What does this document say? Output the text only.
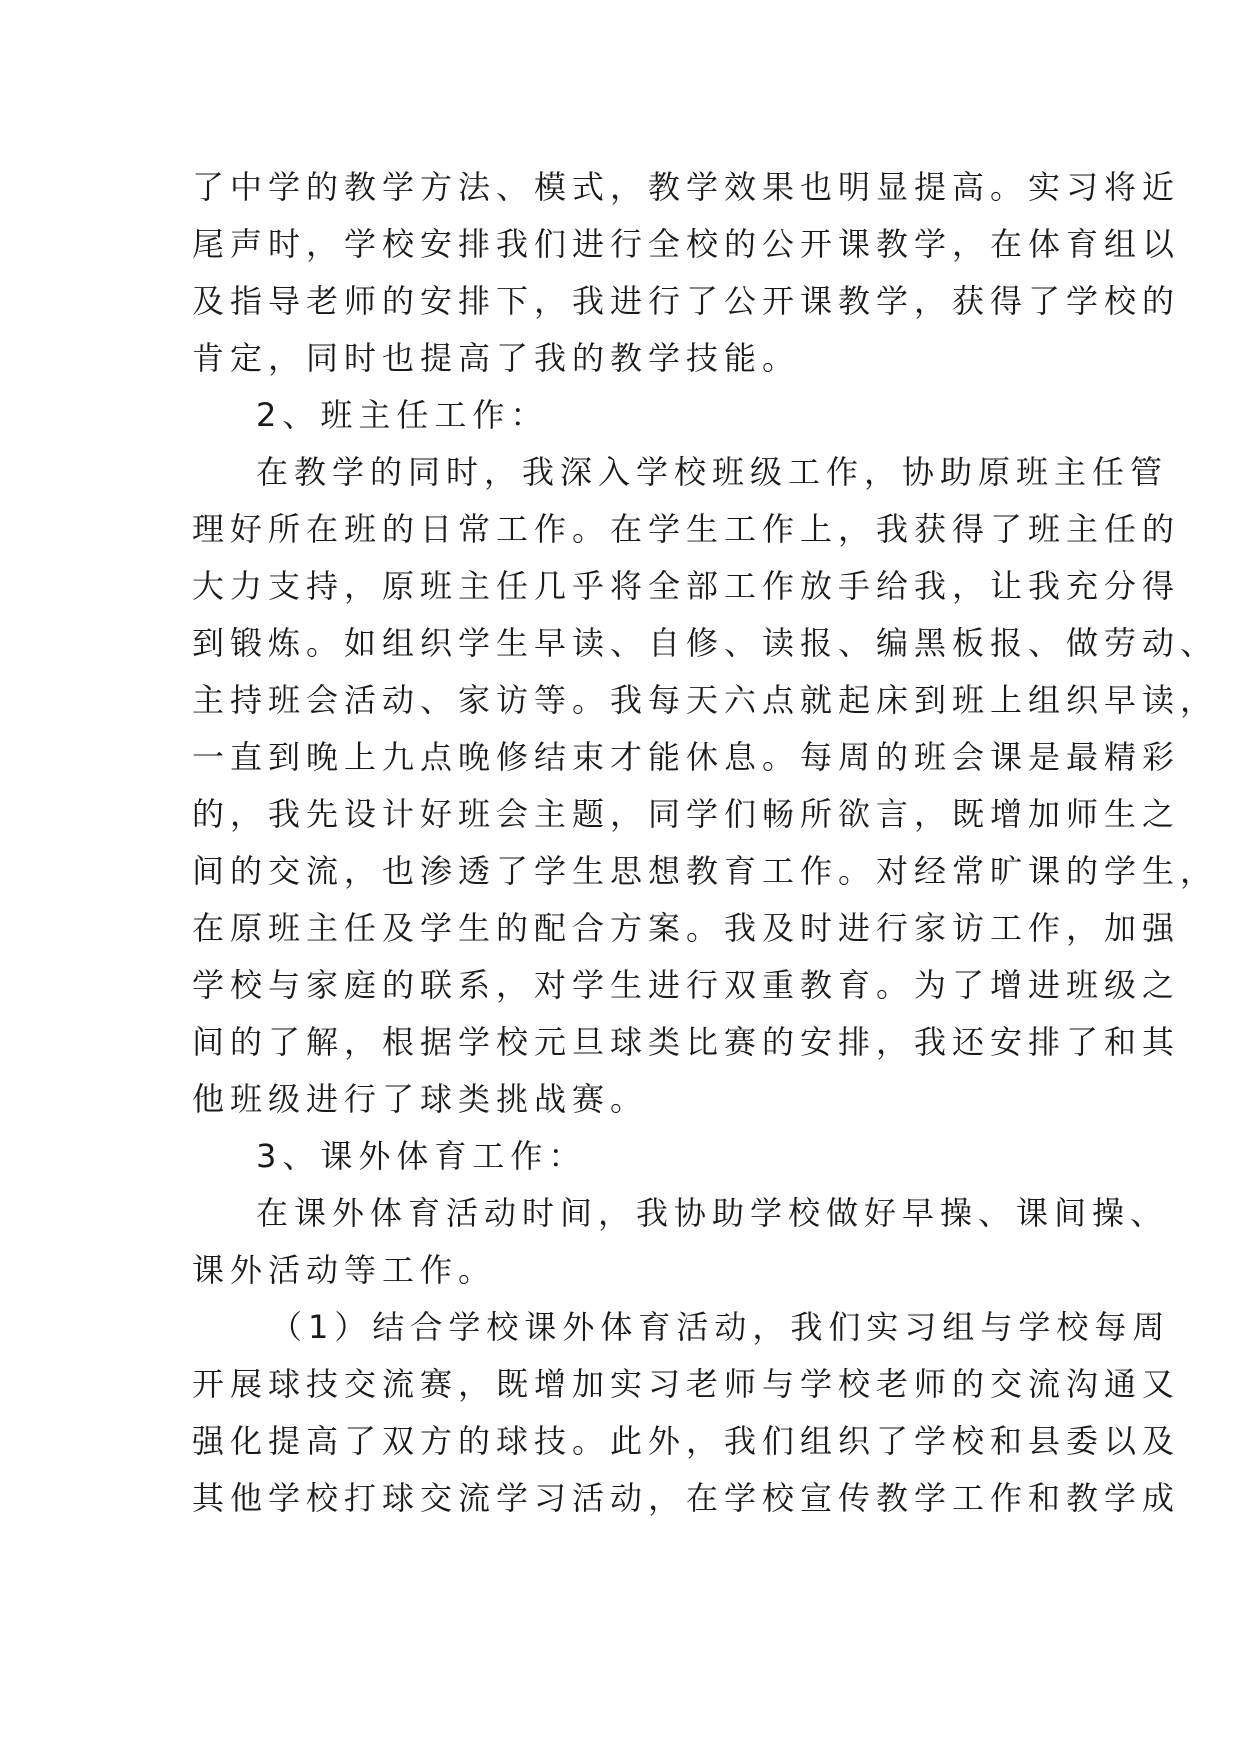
了中学的教学方法、模式，教学效果也明显提高。实习将近
尾声时，学校安排我们进行全校的公开课教学，在体育组以
及指导老师的安排下，我进行了公开课教学，获得了学校的
肯定，同时也提高了我的教学技能。
2、班主任工作：
在教学的同时，我深入学校班级工作，协助原班主任管
理好所在班的日常工作。在学生工作上，我获得了班主任的
大力支持，原班主任几乎将全部工作放手给我，让我充分得
到锻炼。如组织学生早读、自修、读报、编黑板报、做劳动、
主持班会活动、家访等。我每天六点就起床到班上组织早读，
一直到晚上九点晚修结束才能休息。每周的班会课是最精彩
的，我先设计好班会主题，同学们畅所欲言，既增加师生之
间的交流，也渗透了学生思想教育工作。对经常旷课的学生，
在原班主任及学生的配合方案。我及时进行家访工作，加强
学校与家庭的联系，对学生进行双重教育。为了增进班级之
间的了解，根据学校元旦球类比赛的安排，我还安排了和其
他班级进行了球类挑战赛。
3、课外体育工作：
在课外体育活动时间，我协助学校做好早操、课间操、
课外活动等工作。
（1）结合学校课外体育活动，我们实习组与学校每周
开展球技交流赛，既增加实习老师与学校老师的交流沟通又
强化提高了双方的球技。此外，我们组织了学校和县委以及
其他学校打球交流学习活动，在学校宣传教学工作和教学成
